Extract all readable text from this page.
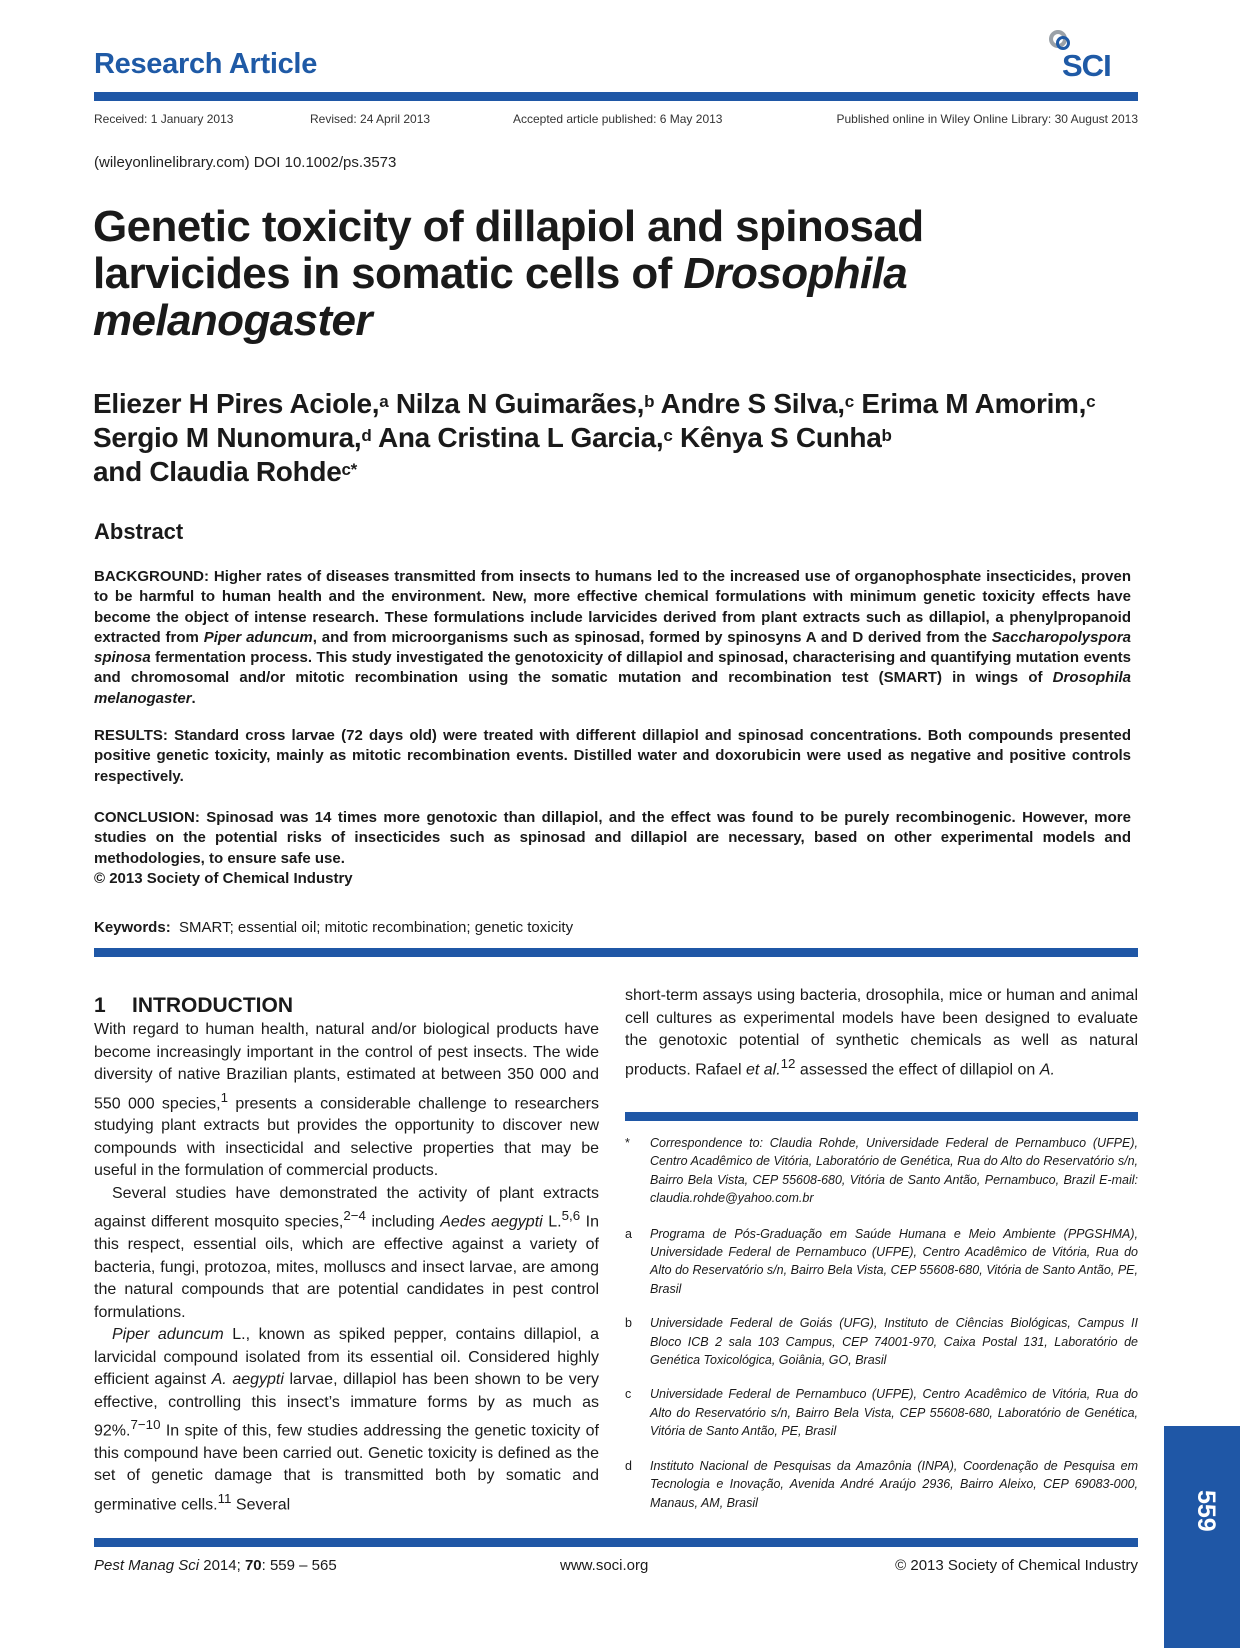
Research Article	SCI
Received: 1 January 2013	Revised: 24 April 2013	Accepted article published: 6 May 2013	Published online in Wiley Online Library: 30 August 2013
(wileyonlinelibrary.com) DOI 10.1002/ps.3573
Genetic toxicity of dillapiol and spinosad
larvicides in somatic cells of Drosophila
melanogaster
Eliezer H Pires Aciole,$^a$ Nilza N Guimarães,$^b$ Andre S Silva,$^c$ Erima M Amorim,$^c$ Sergio M Nunomura,$^d$ Ana Cristina L Garcia,$^c$ Kênya S Cunha$^b$
and Claudia Rohde$^{c*}$
Abstract
BACKGROUND: Higher rates of diseases transmitted from insects to humans led to the increased use of organophosphate insecticides, proven to be harmful to human health and the environment. New, more effective chemical formulations with minimum genetic toxicity effects have become the object of intense research. These formulations include larvicides derived from plant extracts such as dillapiol, a phenylpropanoid extracted from Piper aduncum, and from microorganisms such as spinosad, formed by spinosyns A and D derived from the Saccharopolyspora spinosa fermentation process. This study investigated the genotoxicity of dillapiol and spinosad, characterising and quantifying mutation events and chromosomal and/or mitotic recombination using the somatic mutation and recombination test (SMART) in wings of Drosophila melanogaster.
RESULTS: Standard cross larvae (72 days old) were treated with different dillapiol and spinosad concentrations. Both compounds presented positive genetic toxicity, mainly as mitotic recombination events. Distilled water and doxorubicin were used as negative and positive controls respectively.
CONCLUSION: Spinosad was 14 times more genotoxic than dillapiol, and the effect was found to be purely recombinogenic. However, more studies on the potential risks of insecticides such as spinosad and dillapiol are necessary, based on other experimental models and methodologies, to ensure safe use.
© 2013 Society of Chemical Industry
Keywords: SMART; essential oil; mitotic recombination; genetic toxicity
1 INTRODUCTION
With regard to human health, natural and/or biological products have become increasingly important in the control of pest insects. The wide diversity of native Brazilian plants, estimated at between 350 000 and 550 000 species,$^1$ presents a considerable challenge to researchers studying plant extracts but provides the opportunity to discover new compounds with insecticidal and selective properties that may be useful in the formulation of commercial products.
Several studies have demonstrated the activity of plant extracts against different mosquito species,$^{2-4}$ including Aedes aegypti L.$^{5,6}$ In this respect, essential oils, which are effective against a variety of bacteria, fungi, protozoa, mites, molluscs and insect larvae, are among the natural compounds that are potential candidates in pest control formulations.
Piper aduncum L., known as spiked pepper, contains dillapiol, a larvicidal compound isolated from its essential oil. Considered highly efficient against A. aegypti larvae, dillapiol has been shown to be very effective, controlling this insect’s immature forms by as much as 92%.$^{7-10}$ In spite of this, few studies addressing the genetic toxicity of this compound have been carried out. Genetic toxicity is defined as the set of genetic damage that is transmitted both by somatic and germinative cells.$^{11}$ Several
short-term assays using bacteria, drosophila, mice or human and animal cell cultures as experimental models have been designed to evaluate the genotoxic potential of synthetic chemicals as well as natural products. Rafael et al.$^{12}$ assessed the effect of dillapiol on A.
* Correspondence to: Claudia Rohde, Universidade Federal de Pernambuco (UFPE), Centro Acadêmico de Vitória, Laboratório de Genética, Rua do Alto do Reservatório s/n, Bairro Bela Vista, CEP 55608-680, Vitória de Santo Antão, Pernambuco, Brazil E-mail: claudia.rohde@yahoo.com.br
a Programa de Pós-Graduação em Saúde Humana e Meio Ambiente (PPGSHMA), Universidade Federal de Pernambuco (UFPE), Centro Acadêmico de Vitória, Rua do Alto do Reservatório s/n, Bairro Bela Vista, CEP 55608-680, Vitória de Santo Antão, PE, Brasil
b Universidade Federal de Goiás (UFG), Instituto de Ciências Biológicas, Campus II Bloco ICB 2 sala 103 Campus, CEP 74001-970, Caixa Postal 131, Laboratório de Genética Toxicológica, Goiânia, GO, Brasil
c Universidade Federal de Pernambuco (UFPE), Centro Acadêmico de Vitória, Rua do Alto do Reservatório s/n, Bairro Bela Vista, CEP 55608-680, Laboratório de Genética, Vitória de Santo Antão, PE, Brasil
d Instituto Nacional de Pesquisas da Amazônia (INPA), Coordenação de Pesquisa em Tecnologia e Inovação, Avenida André Araújo 2936, Bairro Aleixo, CEP 69083-000, Manaus, AM, Brasil
Pest Manag Sci 2014; 70: 559 – 565	www.soci.org	© 2013 Society of Chemical Industry
559
